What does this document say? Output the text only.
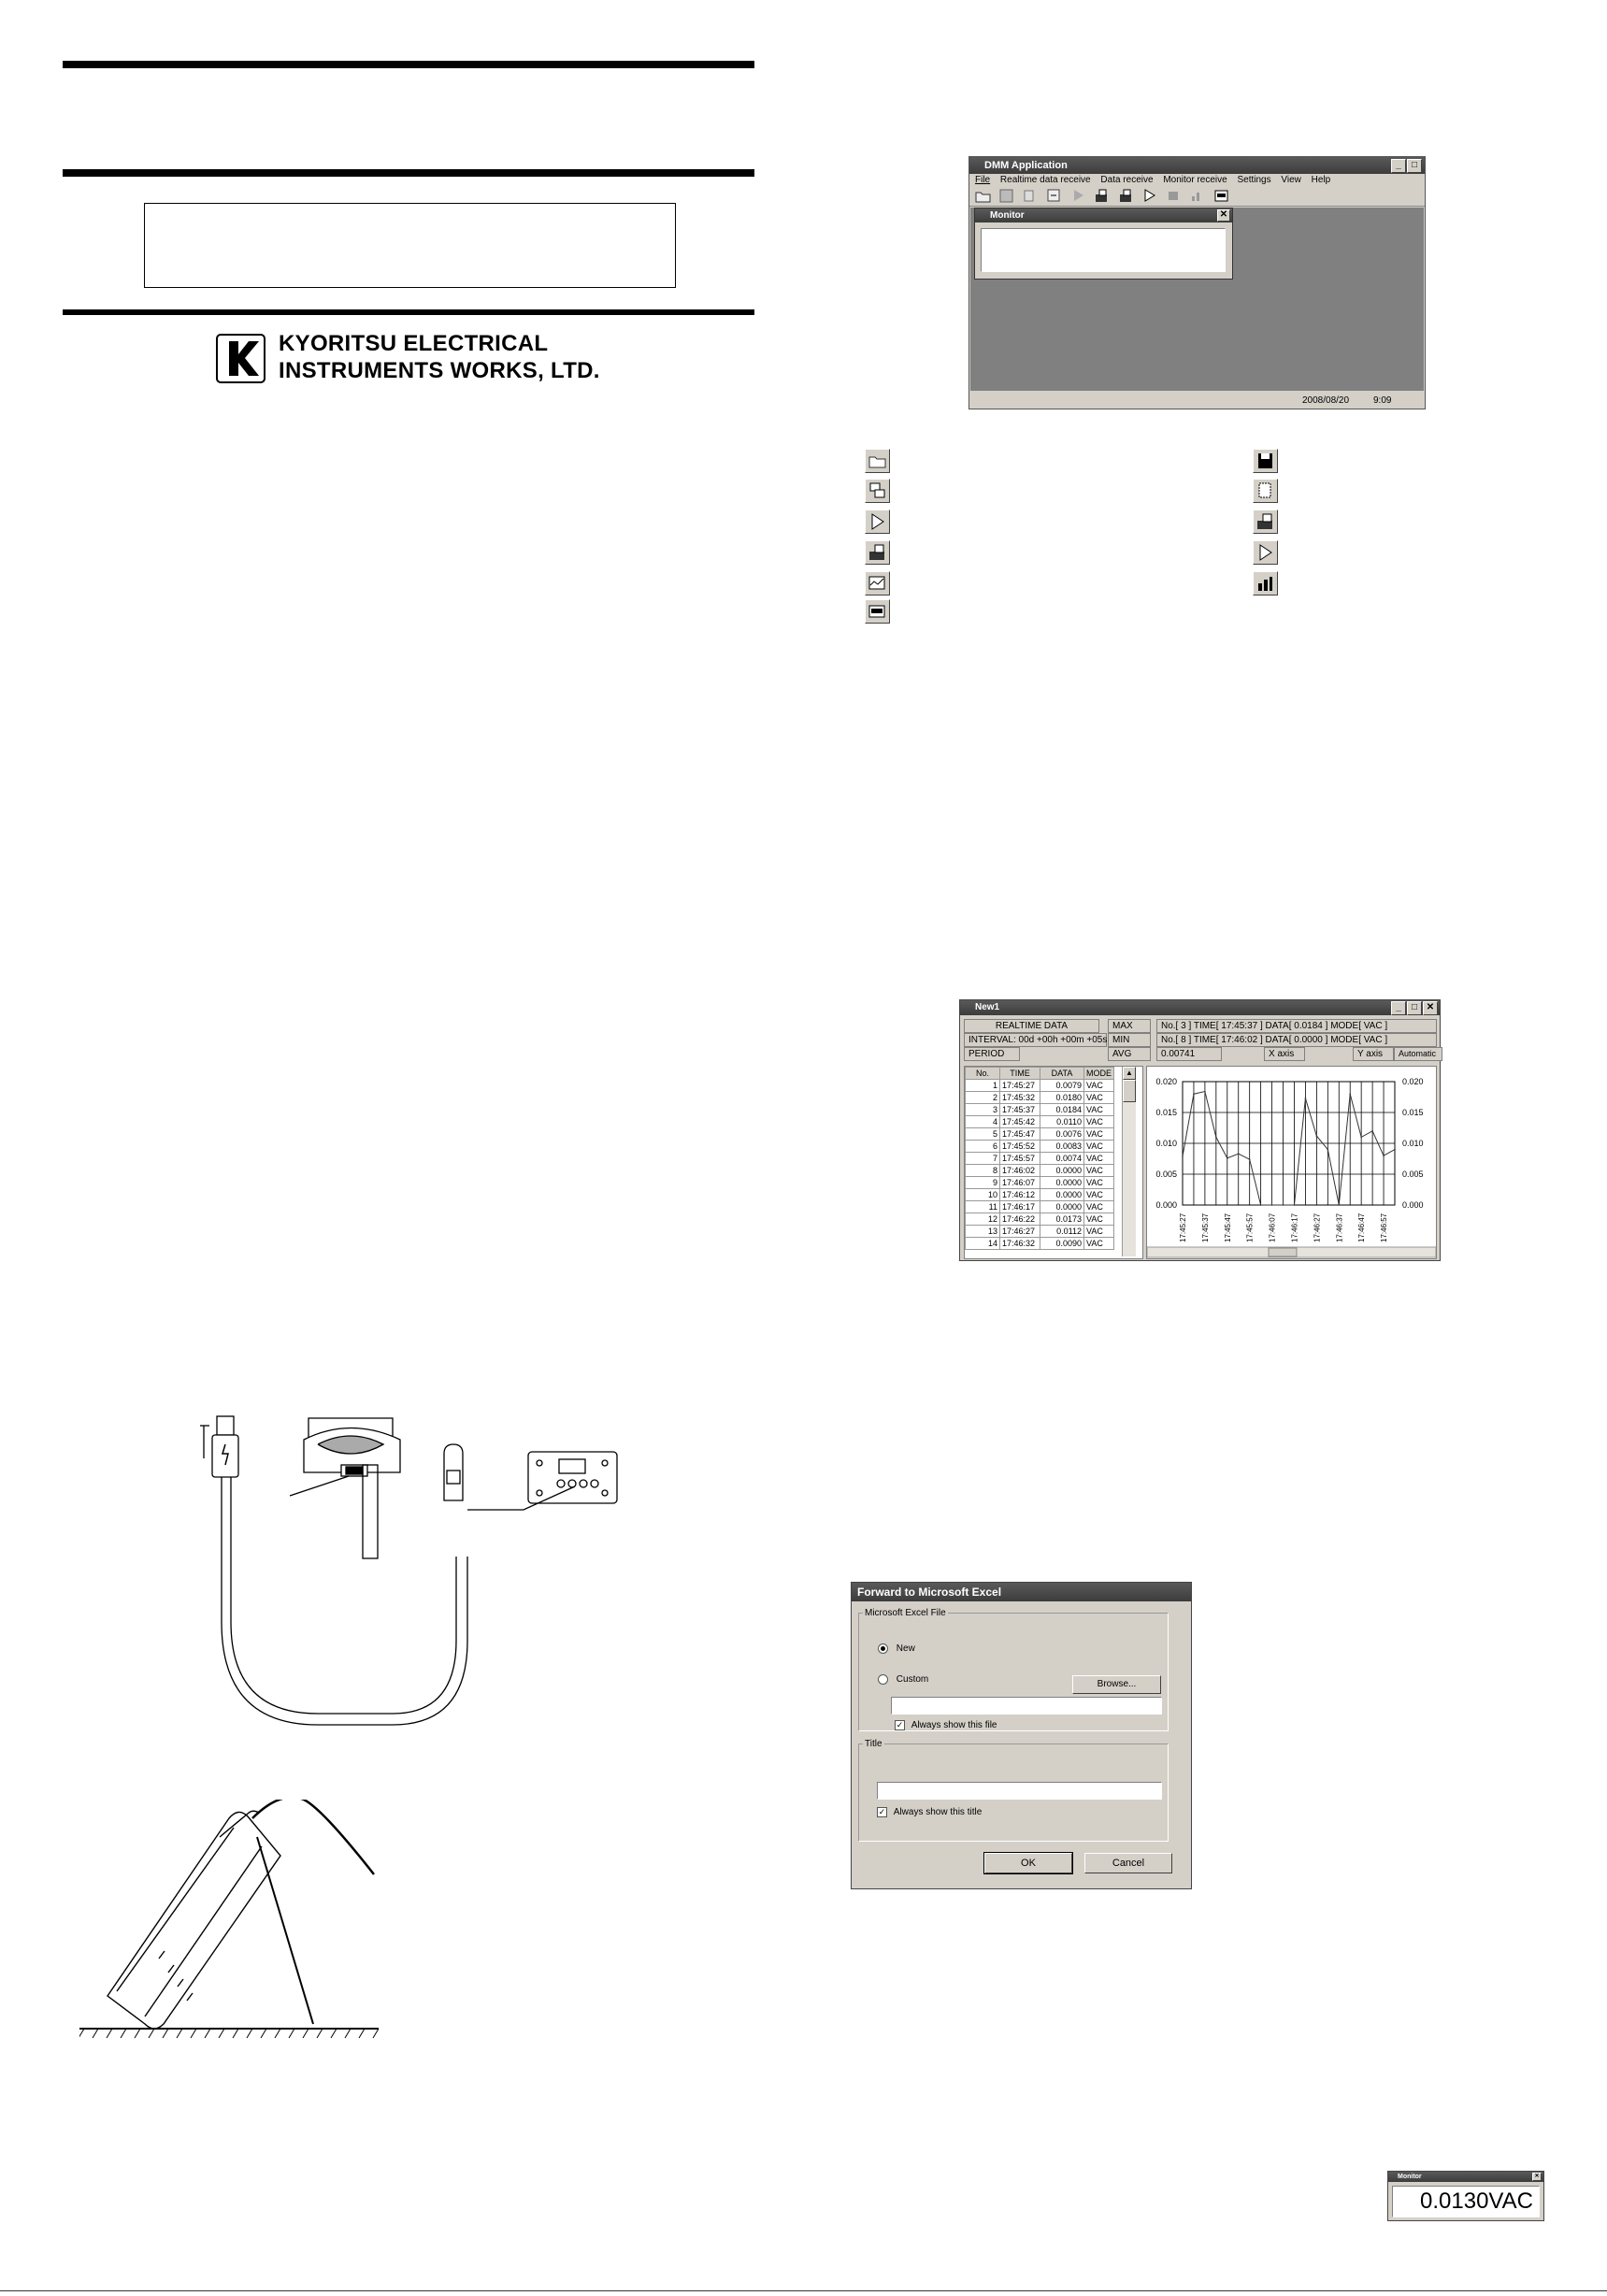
KYORITSU ELECTRICAL
INSTRUMENTS WORKS, LTD.
DMM Application	_	□
File Realtime data receive Data receive Monitor receive Settings View Help

Monitor	✕
2008/08/20	9:09
New1	_	□ ✕
REALTIME DATA	MAX	No.[ 3 ] TIME[ 17:45:37 ] DATA[ 0.0184 ] MODE[ VAC ]
INTERVAL: 00d +00h +00m +05s MIN	No.[ 8 ] TIME[ 17:46:02 ] DATA[ 0.0000 ] MODE[ VAC ]
PERIOD	AVG	0.00741	X axis	Y axis	Automatic
No.	TIME	DATA	MODE
1	17:45:27	0.0079	VAC
2	17:45:32	0.0180	VAC
3	17:45:37	0.0184	VAC
4	17:45:42	0.0110	VAC
5	17:45:47	0.0076	VAC
6	17:45:52	0.0083	VAC
7	17:45:57	0.0074	VAC
8	17:46:02	0.0000	VAC
9	17:46:07	0.0000	VAC
10	17:46:12	0.0000	VAC
11	17:46:17	0.0000	VAC
12	17:46:22	0.0173	VAC
13	17:46:27	0.0112	VAC
14	17:46:32	0.0090	VAC
▲
0.000	0.000
0.005	0.005
0.010	0.010
0.015	0.015
0.020	0.020
17:45:27 17:45:37 17:45:47 17:45:57 17:46:07 17:46:17 17:46:27 17:46:37 17:46:47 17:46:57
Forward to Microsoft Excel
Microsoft Excel File
New
Custom	Browse...
✓ Always show this file
Title
✓ Always show this title
OK	Cancel
Monitor	✕
0.0130VAC
